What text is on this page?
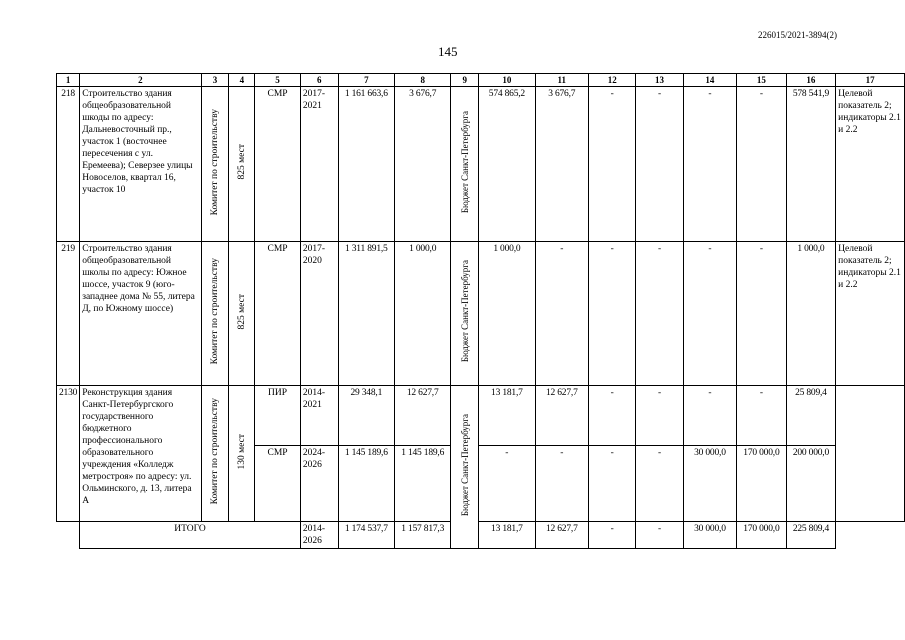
226015/2021-3894(2)
145
1	2	3	4	5	6	7	8	9	10	11	12	13	14	15	16	17
218	Строительство здания общеобразовательной шкоды по адресу: Дальневосточный пр., участок 1 (восточнее пересечения с ул. Еремеева); Северзее улицы Новоселов, квартал 16, участок 10	Комитет по строительству	825 мест	СМР	2017-2021	1 161 663,6	3 676,7	Бюджет Санкт-Петербурга	574 865,2	3 676,7	-	-	-	-	578 541,9	Целевой показатель 2; индикаторы 2.1 и 2.2
219	Строительство здания общеобразовательной школы по адресу: Южное шоссе, участок 9 (юго-западнее дома № 55, литера Д, по Южному шоссе)	Комитет по строительству	825 мест	СМР	2017-2020	1 311 891,5	1 000,0	Бюджет Санкт-Петербурга	1 000,0	-	-	-	-	-	1 000,0	Целевой показатель 2; индикаторы 2.1 и 2.2
2130	Реконструкция здания Санкт-Петербургского государственного бюджетного профессионального образовательного учреждения «Колледж метростроя» по адресу: ул. Ольминского, д. 13, литера А	Комитет по строительству	130 мест	ПИР	2014-2021	29 348,1	12 627,7	Бюджет Санкт-Петербурга	13 181,7	12 627,7	-	-	-	-	25 809,4	
				СМР	2024-2026	1 145 189,6	1 145 189,6		-	-	-	-	30 000,0	170 000,0	200 000,0	
	ИТОГО				2014-2026	1 174 537,7	1 157 817,3		13 181,7	12 627,7	-	-	30 000,0	170 000,0	225 809,4	
